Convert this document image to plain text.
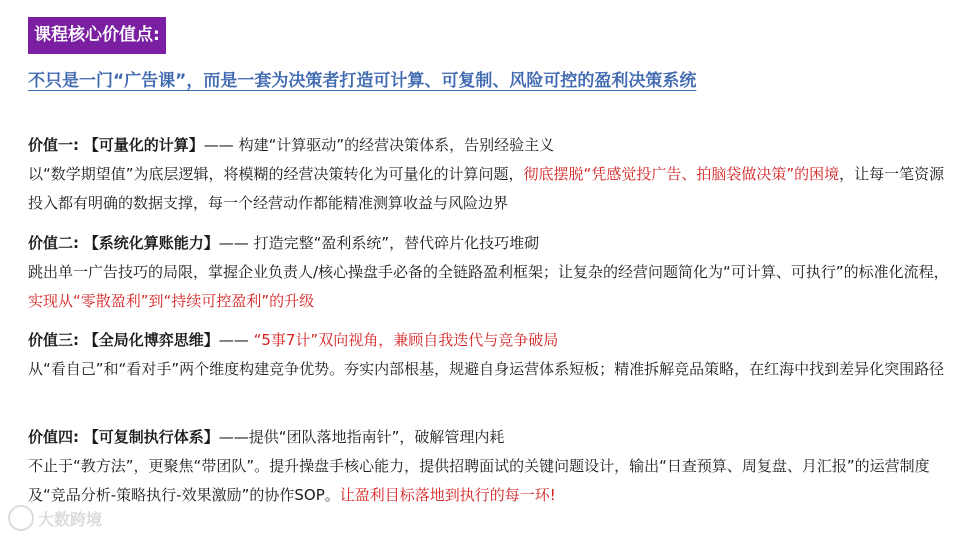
课程核心价值点:
不只是一门“广告课”，而是一套为决策者打造可计算、可复制、风险可控的盈利决策系统
价值一: 【可量化的计算】—— 构建“计算驱动”的经营决策体系，告别经验主义
以“数学期望值”为底层逻辑，将模糊的经营决策转化为可量化的计算问题，彻底摆脱“凭感觉投广告、拍脑袋做决策”的困境，让每一笔资源投入都有明确的数据支撑，每一个经营动作都能精准测算收益与风险边界
价值二: 【系统化算账能力】—— 打造完整“盈利系统”，替代碎片化技巧堆砌
跳出单一广告技巧的局限，掌握企业负责人/核心操盘手必备的全链路盈利框架；让复杂的经营问题简化为“可计算、可执行”的标准化流程，实现从“零散盈利”到“持续可控盈利”的升级
价值三: 【全局化博弈思维】—— “5事7计”双向视角，兼顾自我迭代与竞争破局
从“看自己”和“看对手”两个维度构建竞争优势。夯实内部根基，规避自身运营体系短板；精准拆解竞品策略，在红海中找到差异化突围路径
价值四: 【可复制执行体系】——提供“团队落地指南针”，破解管理内耗
不止于“教方法”，更聚焦“带团队”。提升操盘手核心能力，提供招聘面试的关键问题设计，输出“日查预算、周复盘、月汇报”的运营制度及“竞品分析-策略执行-效果激励”的协作SOP。让盈利目标落地到执行的每一环!
大数跨境
